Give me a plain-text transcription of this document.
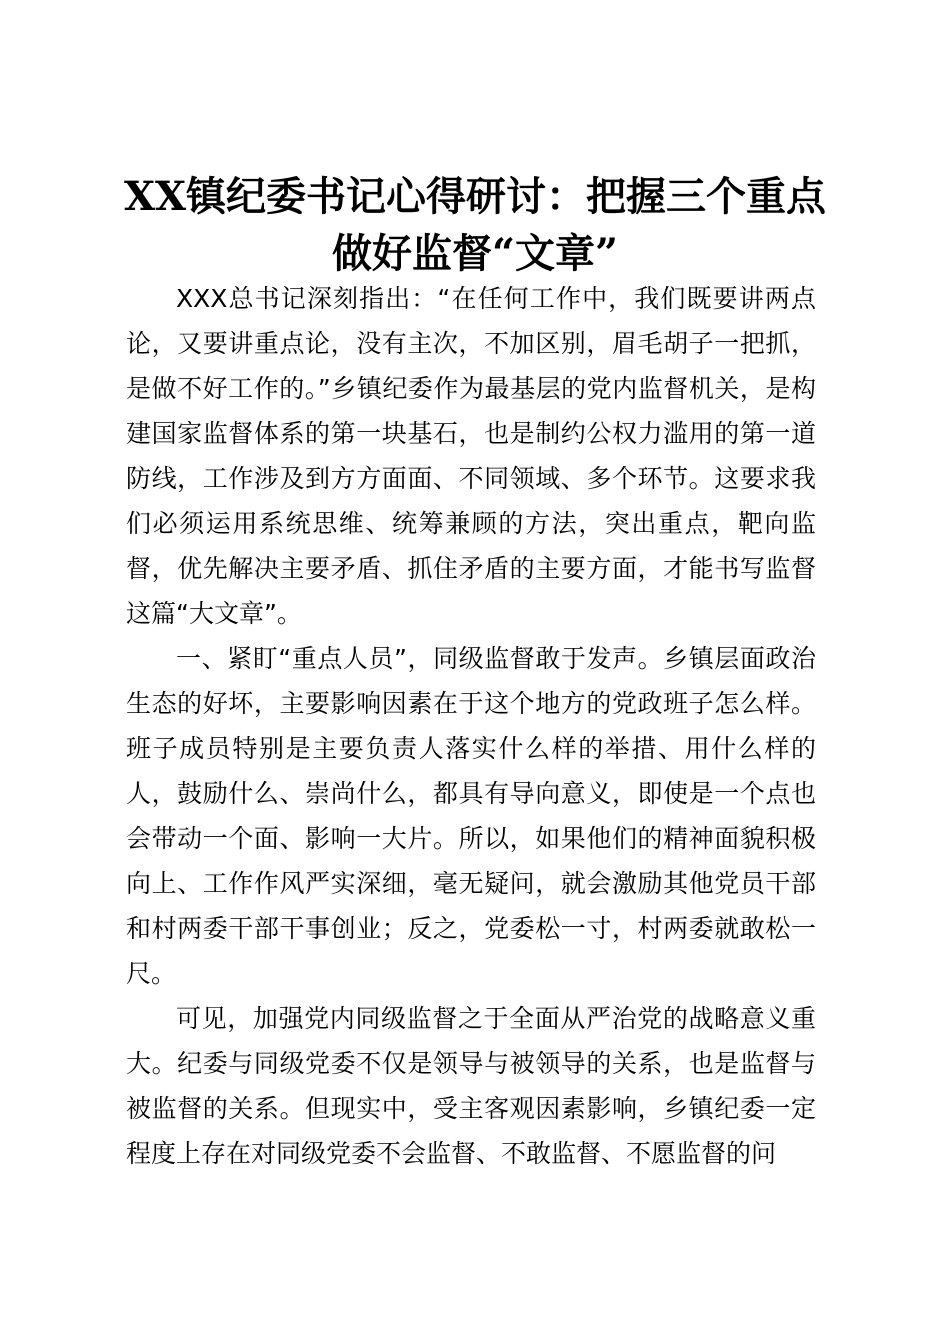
XX镇纪委书记心得研讨：把握三个重点做好监督“文章”

XXX总书记深刻指出：“在任何工作中，我们既要讲两点论，又要讲重点论，没有主次，不加区别，眉毛胡子一把抓，是做不好工作的。”乡镇纪委作为最基层的党内监督机关，是构建国家监督体系的第一块基石，也是制约公权力滥用的第一道防线，工作涉及到方方面面、不同领域、多个环节。这要求我们必须运用系统思维、统筹兼顾的方法，突出重点，靶向监督，优先解决主要矛盾、抓住矛盾的主要方面，才能书写监督这篇“大文章”。

一、紧盯“重点人员”，同级监督敢于发声。乡镇层面政治生态的好坏，主要影响因素在于这个地方的党政班子怎么样。班子成员特别是主要负责人落实什么样的举措、用什么样的人，鼓励什么、崇尚什么，都具有导向意义，即使是一个点也会带动一个面、影响一大片。所以，如果他们的精神面貌积极向上、工作作风严实深细，毫无疑问，就会激励其他党员干部和村两委干部干事创业；反之，党委松一寸，村两委就敢松一尺。

可见，加强党内同级监督之于全面从严治党的战略意义重大。纪委与同级党委不仅是领导与被领导的关系，也是监督与被监督的关系。但现实中，受主客观因素影响，乡镇纪委一定程度上存在对同级党委不会监督、不敢监督、不愿监督的问
